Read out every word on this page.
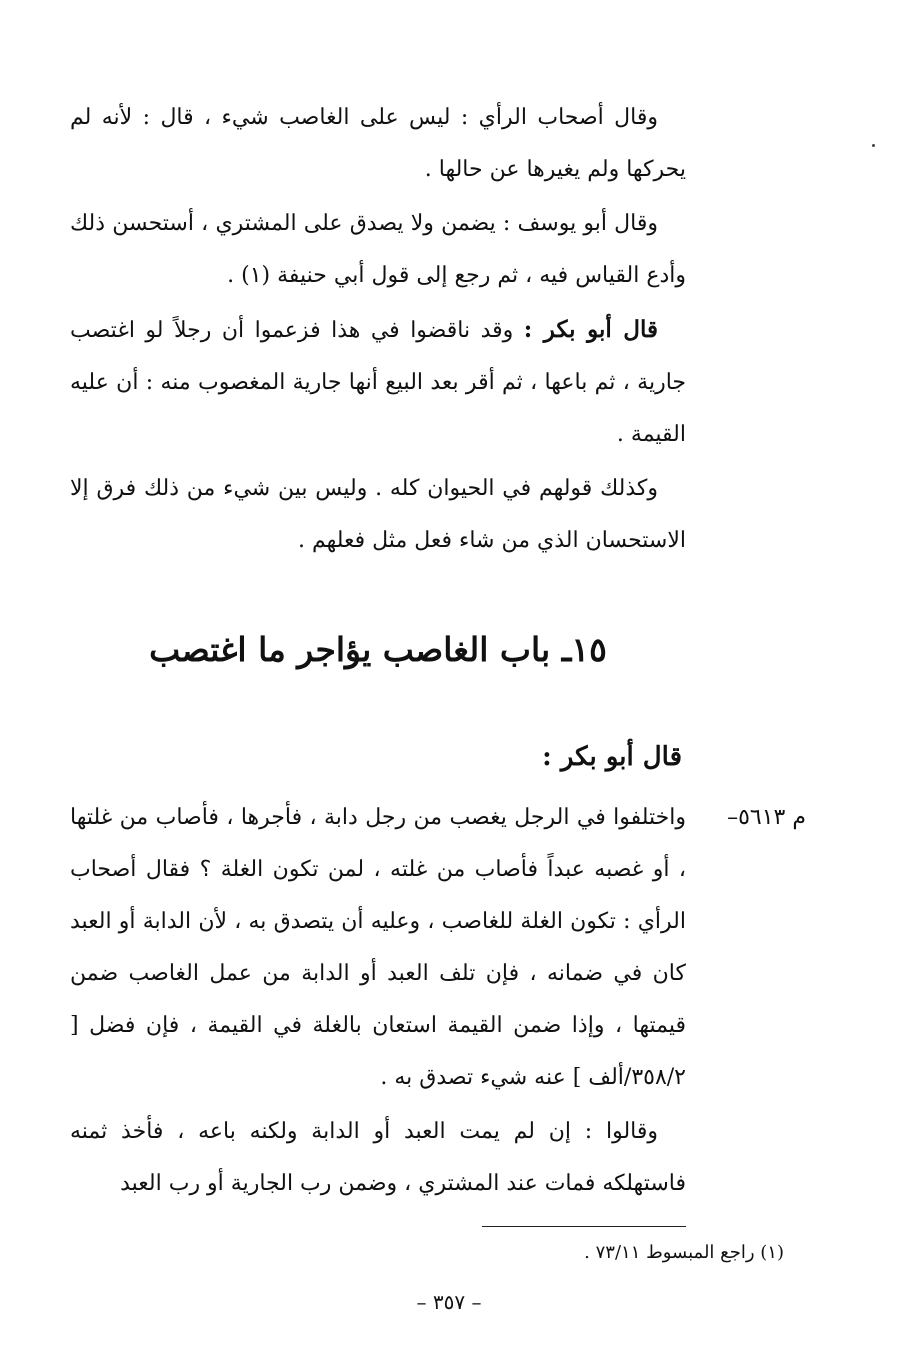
وقال أصحاب الرأي : ليس على الغاصب شيء ، قال : لأنه لم يحركها ولم يغيرها عن حالها .

وقال أبو يوسف : يضمن ولا يصدق على المشتري ، أستحسن ذلك وأدع القياس فيه ، ثم رجع إلى قول أبي حنيفة (١) .

قال أبو بكر : وقد ناقضوا في هذا فزعموا أن رجلاً لو اغتصب جارية ، ثم باعها ، ثم أقر بعد البيع أنها جارية المغصوب منه : أن عليه القيمة .

وكذلك قولهم في الحيوان كله . وليس بين شيء من ذلك فرق إلا الاستحسان الذي من شاء فعل مثل فعلهم .

١٥ـ باب الغاصب يؤاجر ما اغتصب
قال أبو بكر :
م ٥٦١٣–

واختلفوا في الرجل يغصب من رجل دابة ، فأجرها ، فأصاب من غلتها ، أو غصبه عبداً فأصاب من غلته ، لمن تكون الغلة ؟ فقال أصحاب الرأي : تكون الغلة للغاصب ، وعليه أن يتصدق به ، لأن الدابة أو العبد كان في ضمانه ، فإن تلف العبد أو الدابة من عمل الغاصب ضمن قيمتها ، وإذا ضمن القيمة استعان بالغلة في القيمة ، فإن فضل [ ٣٥٨/٢/ألف ] عنه شيء تصدق به .

وقالوا : إن لم يمت العبد أو الدابة ولكنه باعه ، فأخذ ثمنه فاستهلكه فمات عند المشتري ، وضمن رب الجارية أو رب العبد

(١) راجع المبسوط ٧٣/١١ .
– ٣٥٧ –
